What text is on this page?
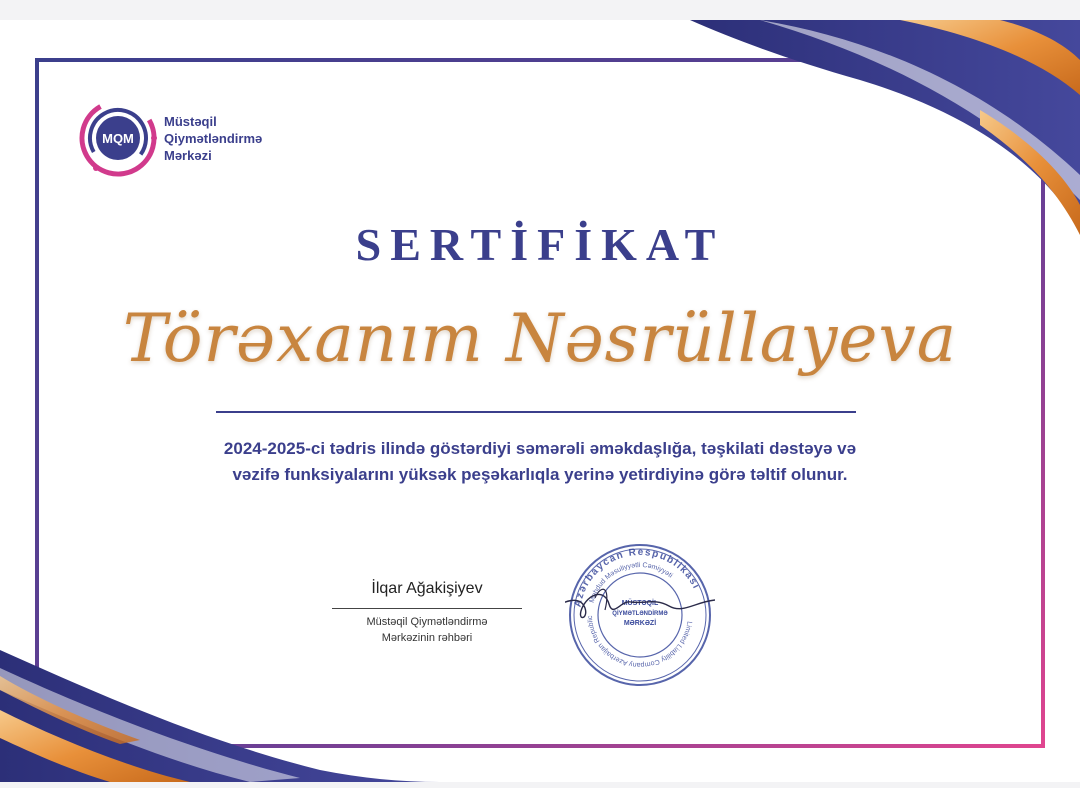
MQM
Müstəqil
Qiymətləndirmə
Mərkəzi
SERTİFİKAT
Törəxanım Nəsrüllayeva
2024-2025-ci tədris ilində göstərdiyi səmərəli əməkdaşlığa, təşkilati dəstəyə və
vəzifə funksiyalarını yüksək peşəkarlıqla yerinə yetirdiyinə görə təltif olunur.
İlqar Ağakişiyev
Müstəqil Qiymətləndirmə
Mərkəzinin rəhbəri
Azərbaycan Respublikası
Məhdud Məsuliyyətli Cəmiyyəti
Limited Liability Company Azerbaijan Republic
MÜSTƏQİL
QİYMƏTLƏNDİRMƏ
MƏRKƏZİ
